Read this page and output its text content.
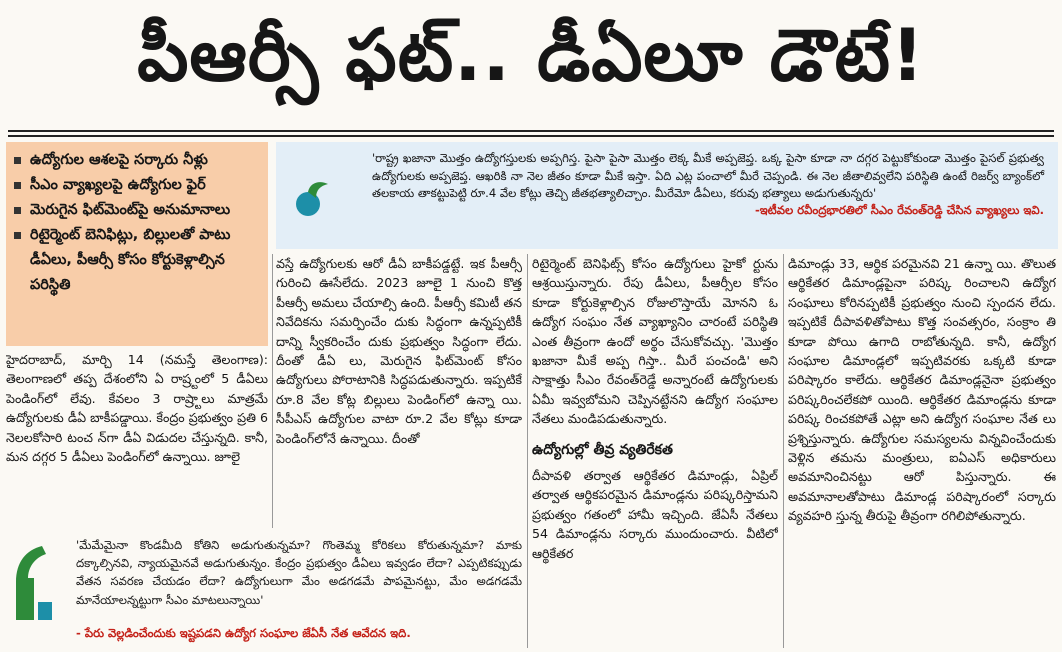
పీఆర్సీ ఫట్.. డీఏలూ డౌటే!
ఉద్యోగుల ఆశలపై సర్కారు నీళ్లు
సీఎం వ్యాఖ్యలపై ఉద్యోగుల ఫైర్
మెరుగైన ఫిట్‌మెంట్‌పై అనుమానాలు
రిటైర్మెంట్ బెనిఫిట్లు, బిల్లులతో పాటు డీఏలు, పీఆర్సీ కోసం కోర్టుకెళ్లాల్సిన పరిస్థితి

'రాష్ట్ర ఖజానా మొత్తం ఉద్యోగస్తులకు అప్పగిస్త. పైసా పైసా మొత్తం లెక్క మీకే అప్పజెప్త. ఒక్క పైసా కూడా నా దగ్గర పెట్టుకోకుండా మొత్తం పైసల్ ప్రభుత్వ ఉద్యోగులకు అప్పజెప్త. ఆఖరికి నా నెల జీతం కూడా మీకే ఇస్తా. ఏది ఎట్ల పంచాలో మీరే చెప్పండి. ఈ నెల జీతాలివ్వలేని పరిస్థితి ఉంటే రిజర్వ్ బ్యాంక్‌లో తలకాయ తాకట్టుపెట్టి రూ.4 వేల కోట్లు తెచ్చి జీతభత్యాలిచ్చాం. మీరేమో డీఏలు, కరువు భత్యాలు అడుగుతున్నరు'

-ఇటీవల రవీంద్రభారతిలో సీఎం రేవంత్‌రెడ్డి చేసిన వ్యాఖ్యలు ఇవి.

హైదరాబాద్, మార్చి 14 (నమస్తే తెలంగాణ): తెలంగాణలో తప్ప దేశంలోని ఏ రాష్ర్టంలో 5 డీఏలు పెండింగ్‌లో లేవు. కేవలం 3 రాష్ర్టాలు మాత్రమే ఉద్యోగులకు డీఏ బాకీపడ్డాయి. కేంద్రం ప్రభుత్వం ప్రతి 6 నెలలకోసారి టంచ న్‌గా డీఏ విడుదల చేస్తున్నది. కానీ, మన దగ్గర 5 డీఏలు పెండింగ్‌లో ఉన్నాయి. జూలై

వస్తే ఉద్యోగులకు ఆరో డీఏ బాకీపడ్డట్టే. ఇక పీఆర్సీ గురించి ఊసేలేదు. 2023 జూలై 1 నుంచి కొత్త పీఆర్సీ అమలు చేయాల్సి ఉంది. పీఆర్సీ కమిటీ తన నివేదికను సమర్పించేం దుకు సిద్ధంగా ఉన్నప్పటికీ దాన్ని స్వీకరించేం దుకు ప్రభుత్వం సిద్ధంగా లేదు. దీంతో డీఏ లు, మెరుగైన ఫిట్‌మెంట్ కోసం ఉద్యోగులు పోరాటానికి సిద్ధపడుతున్నారు. ఇప్పటికే రూ.8 వేల కోట్ల బిల్లులు పెండింగ్‌లో ఉన్నా యి. సీపీఎస్ ఉద్యోగుల వాటా రూ.2 వేల కోట్లు కూడా పెండింగ్‌లోనే ఉన్నాయి. దీంతో

రిటైర్మెంట్ బెనిఫిట్స్ కోసం ఉద్యోగులు హైకో ర్టును ఆశ్రయిస్తున్నారు. రేపు డీఏలు, పీఆర్సీల కోసం కూడా కోర్టుకెళ్లాల్సిన రోజులొస్తాయే మోనని ఓ ఉద్యోగ సంఘం నేత వ్యాఖ్యానిం చారంటే పరిస్థితి ఎంత తీవ్రంగా ఉందో అర్థం చేసుకోవచ్చు. 'మొత్తం ఖజానా మీకే అప్ప గిస్తా.. మీరే పంచండి' అని సాక్షాత్తు సీఎం రేవంత్‌రెడ్డే అన్నారంటే ఉద్యోగులకు ఏమీ ఇవ్వబోమని చెప్పినట్టేనని ఉద్యోగ సంఘాల నేతలు మండిపడుతున్నారు.

ఉద్యోగుల్లో తీవ్ర వ్యతిరేకత

దీపావళి తర్వాత ఆర్థికేతర డిమాండ్లు, ఏప్రిల్ తర్వాత ఆర్థికపరమైన డిమాండ్లను పరిష్కరిస్తామని ప్రభుత్వం గతంలో హామీ ఇచ్చింది. జేఏసీ నేతలు 54 డిమాండ్లను సర్కారు ముందుంచారు. వీటిలో ఆర్థికేతర

డిమాండ్లు 33, ఆర్థిక పరమైనవి 21 ఉన్నా యి. తొలుత ఆర్థికేతర డిమాండ్లపైనా పరిష్క రించాలని ఉద్యోగ సంఘాలు కోరినప్పటికీ ప్రభుత్వం నుంచి స్పందన లేదు. ఇప్పటికే దీపావళితోపాటు కొత్త సంవత్సరం, సంక్రాం తి కూడా పోయి ఉగాది రాబోతున్నది. కానీ, ఉద్యోగ సంఘాల డిమాండ్లలో ఇప్పటివరకు ఒక్కటి కూడా పరిష్కారం కాలేదు. ఆర్థికేతర డిమాండ్లనైనా ప్రభుత్వం పరిష్కరించలేకపో యింది. ఆర్థికేతర డిమాండ్లను కూడా పరిష్క రించకపోతే ఎట్లా అని ఉద్యోగ సంఘాల నేత లు ప్రశ్నిస్తున్నారు. ఉద్యోగుల సమస్యలను విన్నవించేందుకు వెళ్లిన తమను మంత్రులు, ఐఏఎస్ అధికారులు అవమానించినట్టు ఆరో పిస్తున్నారు. ఈ అవమానాలతోపాటు డిమాండ్ల పరిష్కారంలో సర్కారు వ్యవహరి స్తున్న తీరుపై తీవ్రంగా రగిలిపోతున్నారు.

'మేమేమైనా కొండమీది కోతిని అడుగుతున్నమా? గొంతెమ్మ కోరికలు కోరుతున్నమా? మాకు దక్కాల్సినవి, న్యాయమైనవే అడుగుతున్నం. కేంద్రం ప్రభుత్వం డీఏలు ఇవ్వడం లేదా? ఎప్పటికప్పుడు వేతన సవరణ చేయడం లేదా? ఉద్యోగులుగా మేం అడగడమే పాపమైనట్టు, మేం అడగడమే మానేయాలన్నట్టుగా సీఎం మాటలున్నాయి'

- పేరు వెల్లడించేందుకు ఇష్టపడని ఉద్యోగ సంఘాల జేఏసీ నేత ఆవేదన ఇది.
